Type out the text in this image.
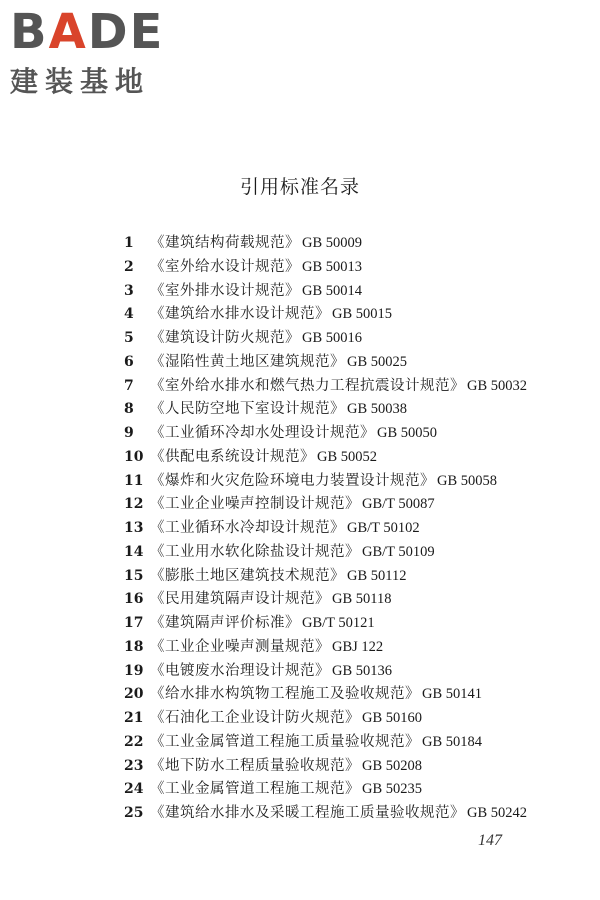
BADE
建装基地
引用标准名录
1 《建筑结构荷载规范》 GB 50009
2 《室外给水设计规范》 GB 50013
3 《室外排水设计规范》 GB 50014
4 《建筑给水排水设计规范》 GB 50015
5 《建筑设计防火规范》 GB 50016
6 《湿陷性黄土地区建筑规范》 GB 50025
7 《室外给水排水和燃气热力工程抗震设计规范》 GB 50032
8 《人民防空地下室设计规范》 GB 50038
9 《工业循环冷却水处理设计规范》 GB 50050
10 《供配电系统设计规范》 GB 50052
11 《爆炸和火灾危险环境电力装置设计规范》 GB 50058
12 《工业企业噪声控制设计规范》 GB/T 50087
13 《工业循环水冷却设计规范》 GB/T 50102
14 《工业用水软化除盐设计规范》 GB/T 50109
15 《膨胀土地区建筑技术规范》 GB 50112
16 《民用建筑隔声设计规范》 GB 50118
17 《建筑隔声评价标准》 GB/T 50121
18 《工业企业噪声测量规范》 GBJ 122
19 《电镀废水治理设计规范》 GB 50136
20 《给水排水构筑物工程施工及验收规范》 GB 50141
21 《石油化工企业设计防火规范》 GB 50160
22 《工业金属管道工程施工质量验收规范》 GB 50184
23 《地下防水工程质量验收规范》 GB 50208
24 《工业金属管道工程施工规范》 GB 50235
25 《建筑给水排水及采暖工程施工质量验收规范》 GB 50242
147
